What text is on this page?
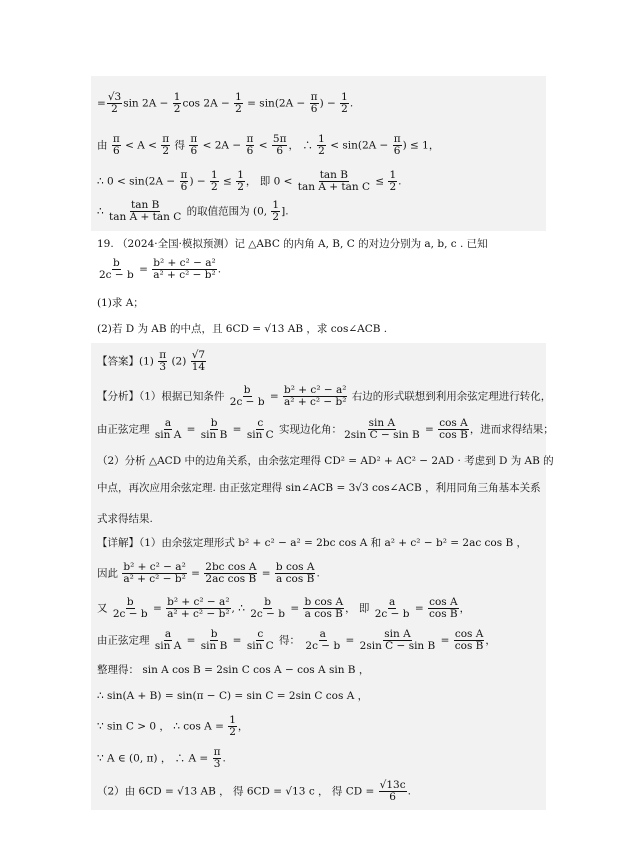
= $\frac{√3}{2}$ $\sin 2A - \frac{1}{2}$ $\cos 2A - \frac{1}{2} = \sin(2A - \frac{\pi}{6}$ ) − $\frac{1}{2}$ .
由 $\frac{\pi}{6} < A < \frac{\pi}{2}$ 得 $\frac{\pi}{6} < 2A - \frac{\pi}{6} < \frac{5\pi}{6}$ ， ∴ $\frac{1}{2} < \sin(2A - \frac{\pi}{6}$ ) ≤ 1，
∴ $0 < \sin(2A - \frac{\pi}{6}$ ) − $\frac{1}{2} \le \frac{1}{2}$ ， 即 $0 < \frac{\text{tan B}}{\text{tan A + tan C}} \le \frac{1}{2}$ .
∴ $\frac{\text{tan B}}{\text{tan A + tan C}}$ 的取值范围为 (0, $\frac{1}{2}$ ].
19. （2024·全国·模拟预测）记 △ABC 的内角 A, B, C 的对边分别为 a, b, c . 已知
$\frac{b}{2c - b} = \frac{\text{b² + c² − a²}}{\text{a² + c² − b²}}$ .
(1)求 A；
(2)若 D 为 AB 的中点，且 6CD = √13 AB ，求 cos∠ACB .
【答案】$(1) \frac{\pi}{3} (2) \frac{√7}{14}$
【分析】（1）根据已知条件 $\frac{b}{2c - b} = \frac{\text{b² + c² − a²}}{\text{a² + c² − b²}}$ 右边的形式联想到利用余弦定理进行转化，
由正弦定理 $\frac{a}{\text{sin A}} = \frac{b}{\text{sin B}} = \frac{c}{\text{sin C}}$ 实现边化角： $\frac{\text{sin A}}{\text{2sin C − sin B}} = \frac{\text{cos A}}{\text{cos B}}$ ，进而求得结果；
（2）分析 △ACD 中的边角关系，由余弦定理得 CD² = AD² + AC² − 2AD · 考虑到 D 为 AB 的
中点，再次应用余弦定理. 由正弦定理得 sin∠ACB = 3√3 cos∠ACB ，利用同角三角基本关系
式求得结果.
【详解】（1）由余弦定理形式 b² + c² − a² = 2bc cos A 和 a² + c² − b² = 2ac cos B ，
因此 $\frac{\text{b² + c² − a²}}{\text{a² + c² − b²}} = \frac{\text{2bc cos A}}{\text{2ac cos B}} = \frac{\text{b cos A}}{\text{a cos B}}$ .
又 $\frac{b}{2c - b} = \frac{\text{b² + c² − a²}}{\text{a² + c² − b²}}$ , ∴ $\frac{b}{2c - b} = \frac{\text{b cos A}}{\text{a cos B}}$ ， 即 $\frac{a}{2c - b} = \frac{\text{cos A}}{\text{cos B}}$ ，
由正弦定理 $\frac{a}{\text{sin A}} = \frac{b}{\text{sin B}} = \frac{c}{\text{sin C}}$ 得： $\frac{a}{2c - b} = \frac{\text{sin A}}{\text{2sin C − sin B}} = \frac{\text{cos A}}{\text{cos B}}$ ，
整理得： sin A cos B = 2sin C cos A − cos A sin B ，
∴ sin(A + B) = sin(π − C) = sin C = 2sin C cos A ，
∵ sin C > 0 ， ∴ $\cos A = \frac{1}{2}$ ，
∵ A ∈ (0, π) ， ∴ $A = \frac{\pi}{3}$ .
（2）由 6CD = √13 AB ， 得 6CD = √13 c ， 得 CD = $\frac{√13c}{6}$ .
